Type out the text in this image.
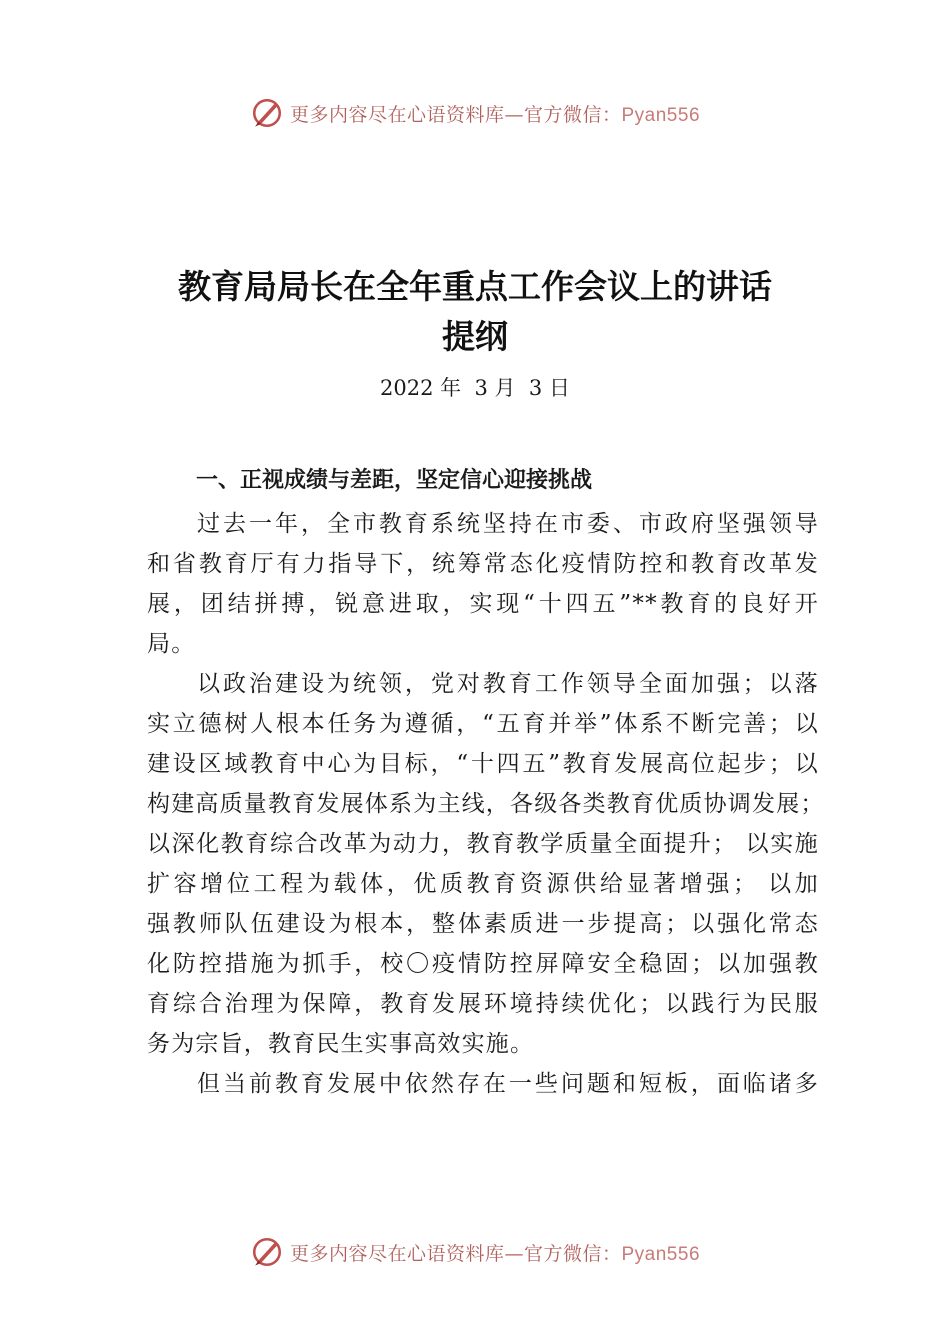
更多内容尽在心语资料库—官方微信：Pyan556
教育局局长在全年重点工作会议上的讲话
提纲
2022 年  3 月  3 日
一、正视成绩与差距，坚定信心迎接挑战
过去一年，全市教育系统坚持在市委、市政府坚强领导
和省教育厅有力指导下，统筹常态化疫情防控和教育改革发
展，团结拼搏，锐意进取，实现“十四五”**教育的良好开
局。
以政治建设为统领，党对教育工作领导全面加强；以落
实立德树人根本任务为遵循，“五育并举”体系不断完善；以
建设区域教育中心为目标，“十四五”教育发展高位起步；以
构建高质量教育发展体系为主线，各级各类教育优质协调发展；
以深化教育综合改革为动力，教育教学质量全面提升； 以实施
扩容增位工程为载体，优质教育资源供给显著增强； 以加
强教师队伍建设为根本，整体素质进一步提高；以强化常态
化防控措施为抓手，校〇疫情防控屏障安全稳固；以加强教
育综合治理为保障，教育发展环境持续优化；以践行为民服
务为宗旨，教育民生实事高效实施。
但当前教育发展中依然存在一些问题和短板，面临诸多
更多内容尽在心语资料库—官方微信：Pyan556
